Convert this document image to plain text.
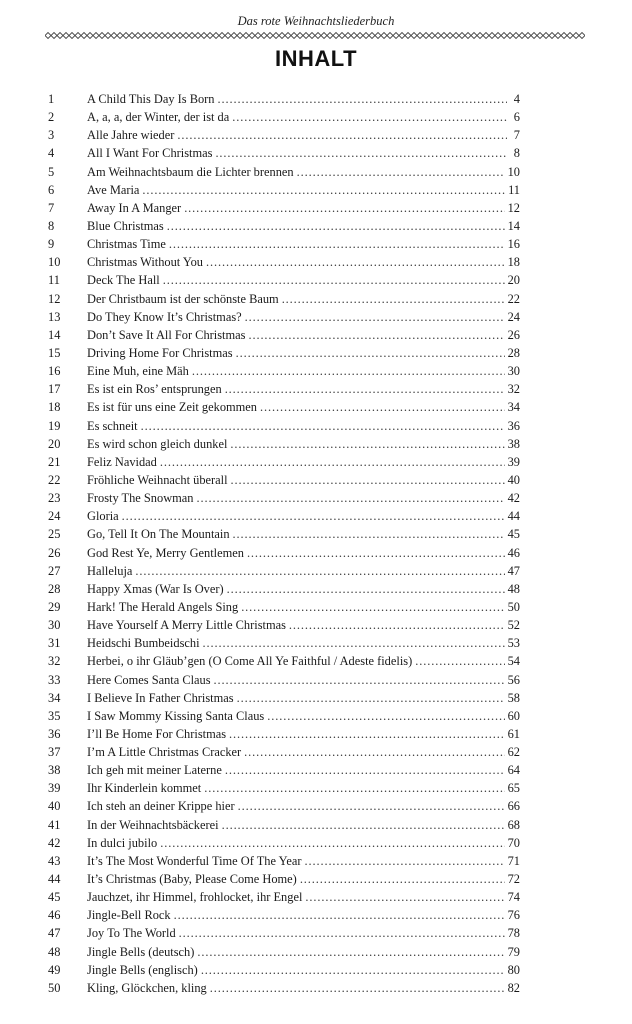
Das rote Weihnachtsliederbuch
INHALT
1	A Child This Day Is Born . . .	4
2	A, a, a, der Winter, der ist da . . .	6
3	Alle Jahre wieder . . .	7
4	All I Want For Christmas . . .	8
5	Am Weihnachtsbaum die Lichter brennen . . .	10
6	Ave Maria . . .	11
7	Away In A Manger . . .	12
8	Blue Christmas . . .	14
9	Christmas Time . . .	16
10	Christmas Without You . . .	18
11	Deck The Hall . . .	20
12	Der Christbaum ist der schönste Baum . . .	22
13	Do They Know It’s Christmas? . . .	24
14	Don’t Save It All For Christmas . . .	26
15	Driving Home For Christmas . . .	28
16	Eine Muh, eine Mäh . . .	30
17	Es ist ein Ros’ entsprungen . . .	32
18	Es ist für uns eine Zeit gekommen . . .	34
19	Es schneit . . .	36
20	Es wird schon gleich dunkel . . .	38
21	Feliz Navidad . . .	39
22	Fröhliche Weihnacht überall . . .	40
23	Frosty The Snowman . . .	42
24	Gloria . . .	44
25	Go, Tell It On The Mountain . . .	45
26	God Rest Ye, Merry Gentlemen . . .	46
27	Halleluja . . .	47
28	Happy Xmas (War Is Over) . . .	48
29	Hark! The Herald Angels Sing . . .	50
30	Have Yourself A Merry Little Christmas . . .	52
31	Heidschi Bumbeidschi . . .	53
32	Herbei, o ihr Gläub’gen (O Come All Ye Faithful / Adeste fidelis) . . .	54
33	Here Comes Santa Claus . . .	56
34	I Believe In Father Christmas . . .	58
35	I Saw Mommy Kissing Santa Claus . . .	60
36	I’ll Be Home For Christmas . . .	61
37	I’m A Little Christmas Cracker . . .	62
38	Ich geh mit meiner Laterne . . .	64
39	Ihr Kinderlein kommet . . .	65
40	Ich steh an deiner Krippe hier . . .	66
41	In der Weihnachtsbäckerei . . .	68
42	In dulci jubilo . . .	70
43	It’s The Most Wonderful Time Of The Year . . .	71
44	It’s Christmas (Baby, Please Come Home) . . .	72
45	Jauchzet, ihr Himmel, frohlocket, ihr Engel . . .	74
46	Jingle-Bell Rock . . .	76
47	Joy To The World . . .	78
48	Jingle Bells (deutsch) . . .	79
49	Jingle Bells (englisch) . . .	80
50	Kling, Glöckchen, kling . . .	82
